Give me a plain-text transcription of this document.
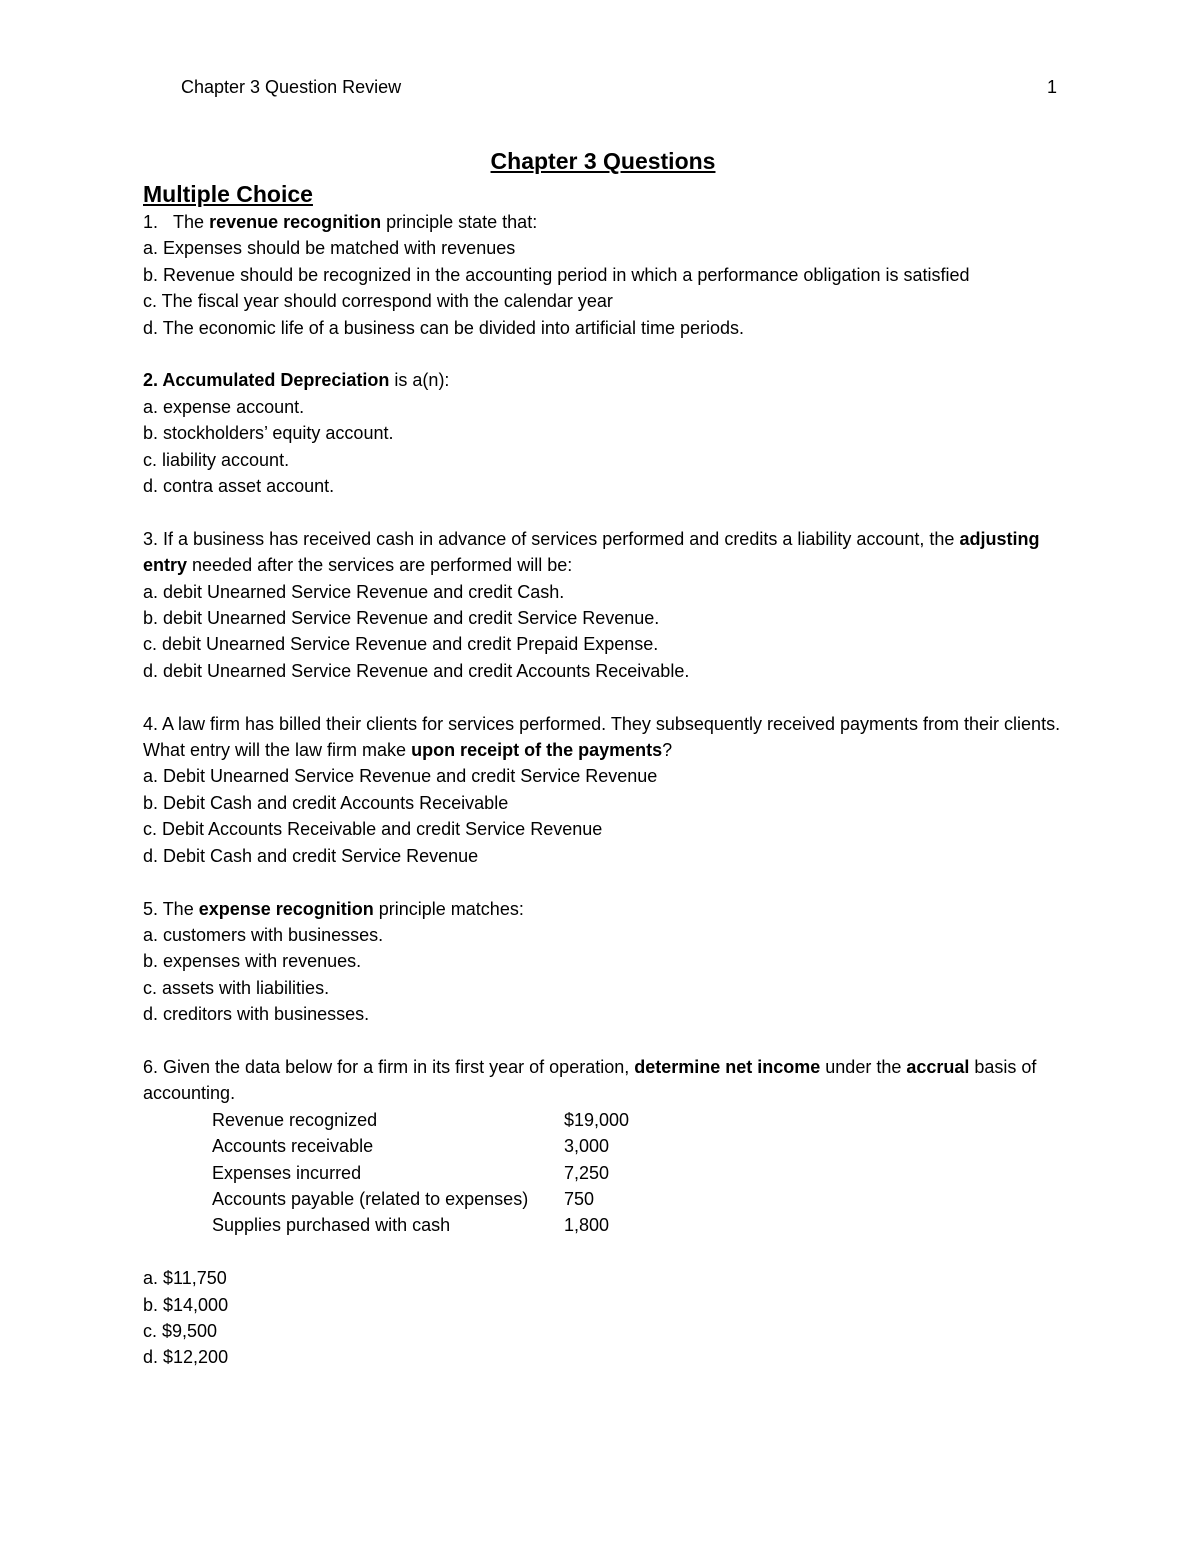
Chapter 3 Question Review	1
Chapter 3 Questions
Multiple Choice
1. The revenue recognition principle state that:
a. Expenses should be matched with revenues
b. Revenue should be recognized in the accounting period in which a performance obligation is satisfied
c. The fiscal year should correspond with the calendar year
d. The economic life of a business can be divided into artificial time periods.
2. Accumulated Depreciation is a(n):
a. expense account.
b. stockholders’ equity account.
c. liability account.
d. contra asset account.
3. If a business has received cash in advance of services performed and credits a liability account, the adjusting entry needed after the services are performed will be:
a. debit Unearned Service Revenue and credit Cash.
b. debit Unearned Service Revenue and credit Service Revenue.
c. debit Unearned Service Revenue and credit Prepaid Expense.
d. debit Unearned Service Revenue and credit Accounts Receivable.
4. A law firm has billed their clients for services performed. They subsequently received payments from their clients. What entry will the law firm make upon receipt of the payments?
a. Debit Unearned Service Revenue and credit Service Revenue
b. Debit Cash and credit Accounts Receivable
c. Debit Accounts Receivable and credit Service Revenue
d. Debit Cash and credit Service Revenue
5. The expense recognition principle matches:
a. customers with businesses.
b. expenses with revenues.
c. assets with liabilities.
d. creditors with businesses.
6. Given the data below for a firm in its first year of operation, determine net income under the accrual basis of accounting.
Revenue recognized	$19,000
Accounts receivable	3,000
Expenses incurred	7,250
Accounts payable (related to expenses)	750
Supplies purchased with cash	1,800
a. $11,750
b. $14,000
c. $9,500
d. $12,200
